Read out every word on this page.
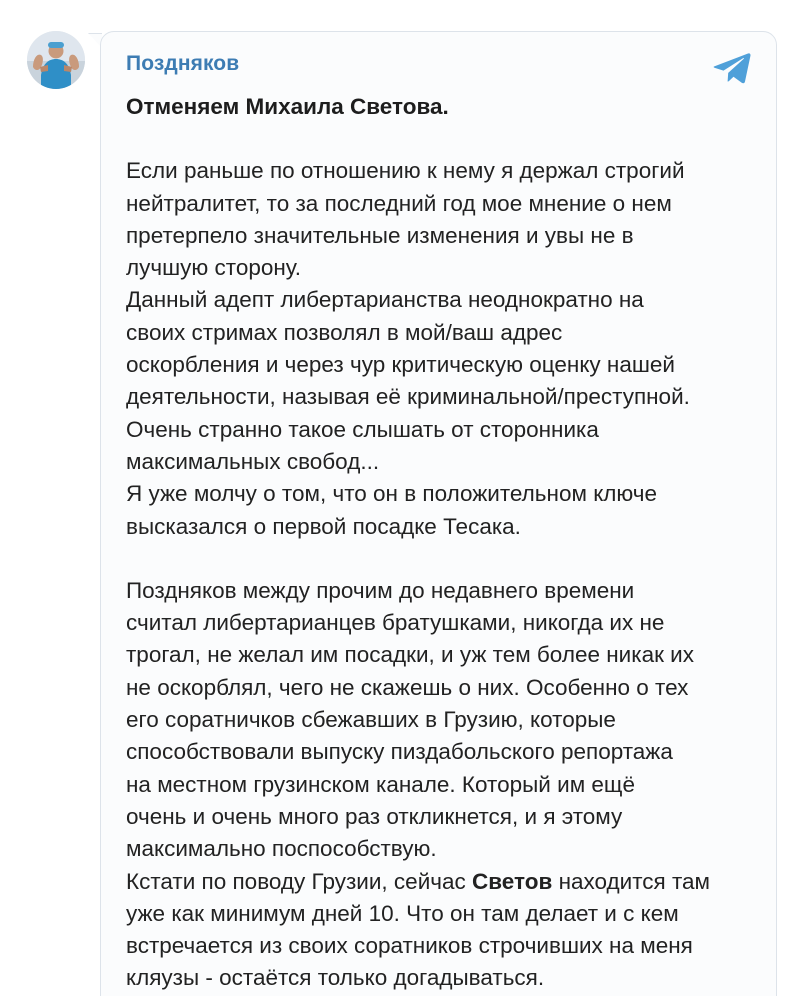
Поздняков
Отменяем Михаила Светова.
Если раньше по отношению к нему я держал строгий
нейтралитет, то за последний год мое мнение о нем
претерпело значительные изменения и увы не в
лучшую сторону.
Данный адепт либертарианства неоднократно на
своих стримах позволял в мой/ваш адрес
оскорбления и через чур критическую оценку нашей
деятельности, называя её криминальной/преступной.
Очень странно такое слышать от сторонника
максимальных свобод...
Я уже молчу о том, что он в положительном ключе
высказался о первой посадке Тесака.
Поздняков между прочим до недавнего времени
считал либертарианцев братушками, никогда их не
трогал, не желал им посадки, и уж тем более никак их
не оскорблял, чего не скажешь о них. Особенно о тех
его соратничков сбежавших в Грузию, которые
способствовали выпуску пиздабольского репортажа
на местном грузинском канале. Который им ещё
очень и очень много раз откликнется, и я этому
максимально поспособствую.
Кстати по поводу Грузии, сейчас Светов находится там
уже как минимум дней 10. Что он там делает и с кем
встречается из своих соратников строчивших на меня
кляузы - остаётся только догадываться.
